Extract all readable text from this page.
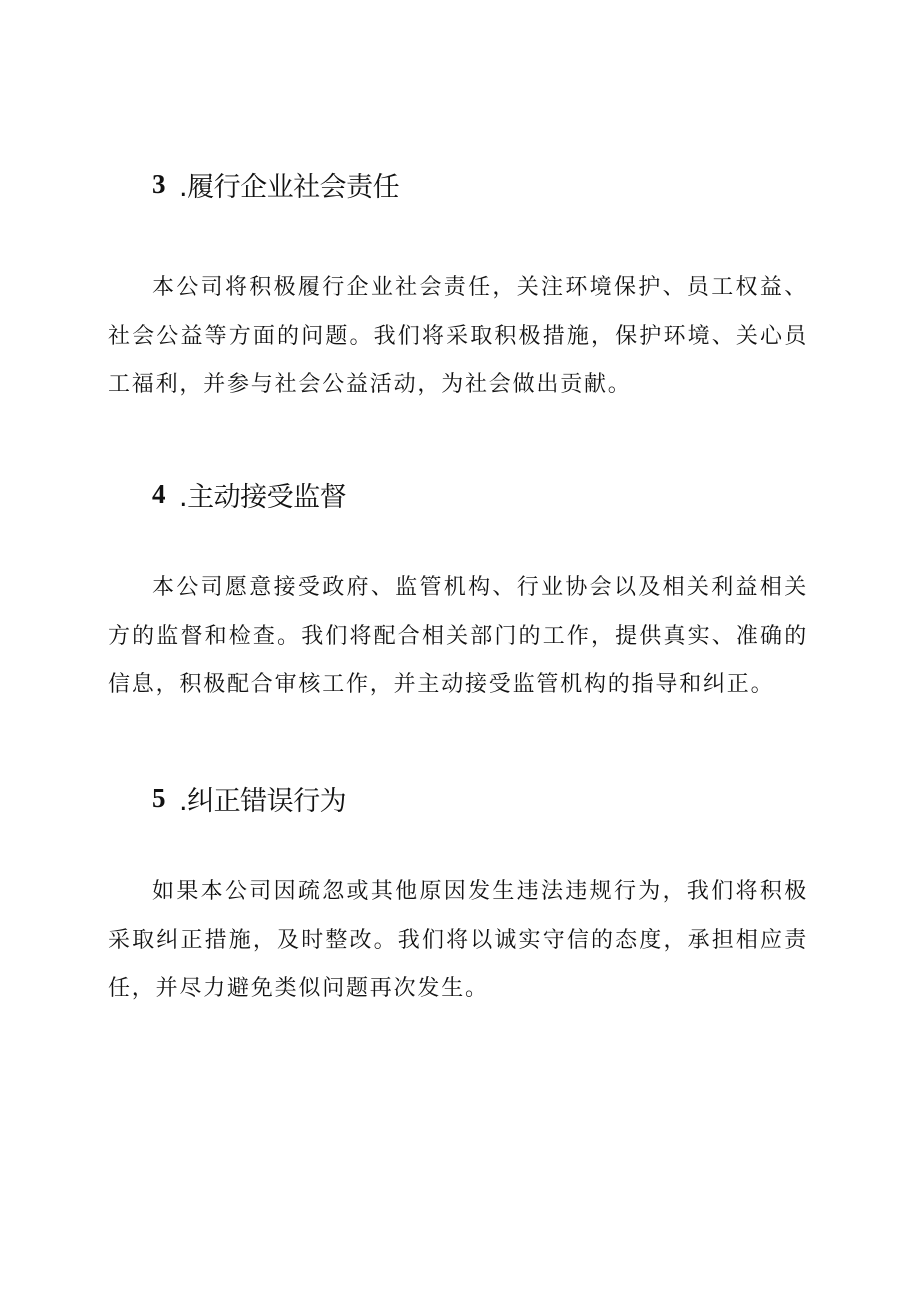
3 .履行企业社会责任

本公司将积极履行企业社会责任，关注环境保护、员工权益、社会公益等方面的问题。我们将采取积极措施，保护环境、关心员工福利，并参与社会公益活动，为社会做出贡献。

4 .主动接受监督

本公司愿意接受政府、监管机构、行业协会以及相关利益相关方的监督和检查。我们将配合相关部门的工作，提供真实、准确的信息，积极配合审核工作，并主动接受监管机构的指导和纠正。

5 .纠正错误行为

如果本公司因疏忽或其他原因发生违法违规行为，我们将积极采取纠正措施，及时整改。我们将以诚实守信的态度，承担相应责任，并尽力避免类似问题再次发生。
